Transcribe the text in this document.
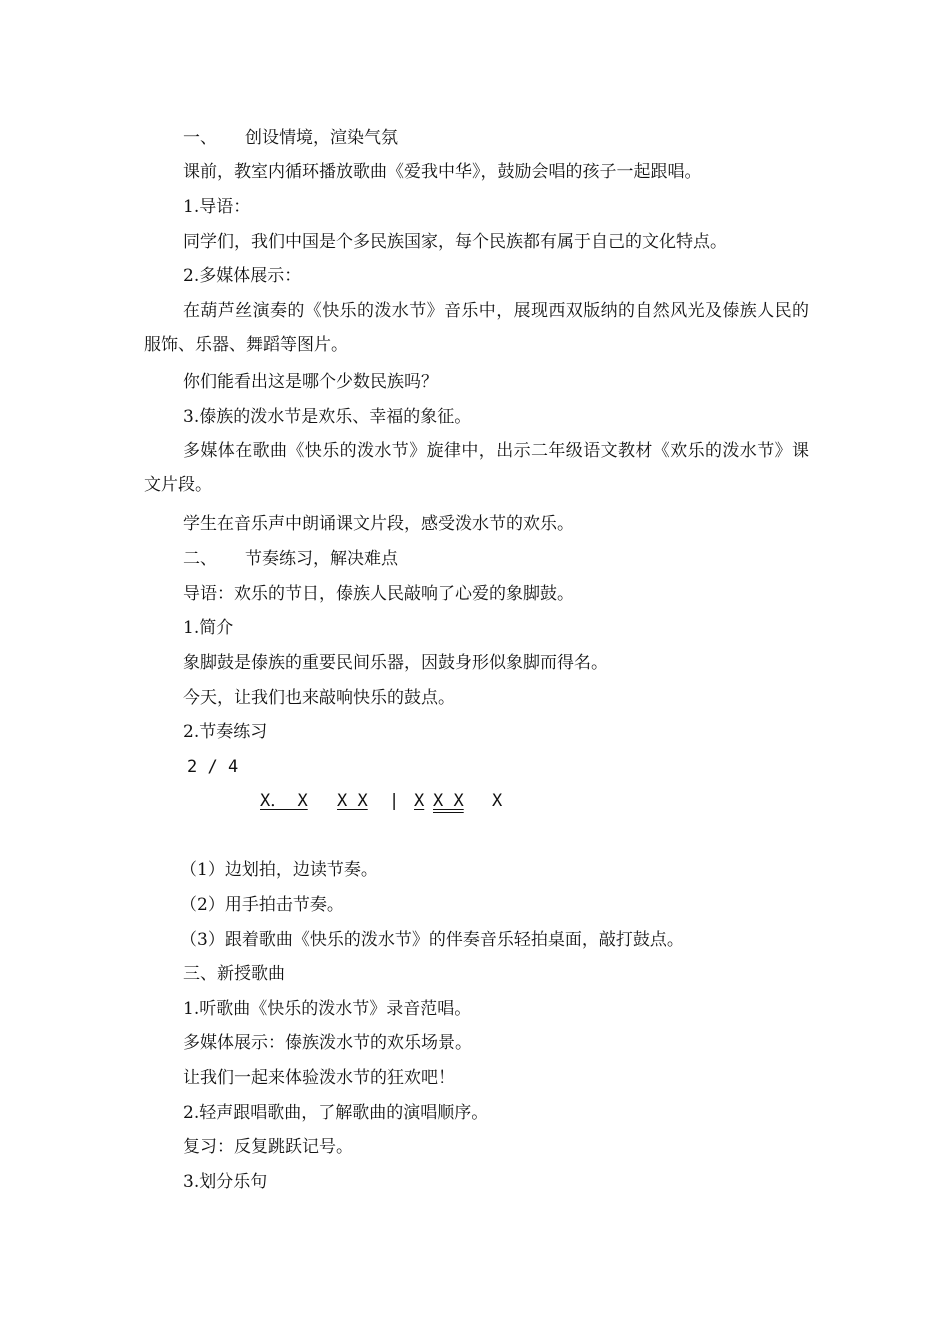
一、 创设情境，渲染气氛
课前，教室内循环播放歌曲《爱我中华》，鼓励会唱的孩子一起跟唱。
1.导语：
同学们，我们中国是个多民族国家，每个民族都有属于自己的文化特点。
2.多媒体展示：

在葫芦丝演奏的《快乐的泼水节》音乐中，展现西双版纳的自然风光及傣族人民的服饰、乐器、舞蹈等图片。

你们能看出这是哪个少数民族吗？
3.傣族的泼水节是欢乐、幸福的象征。

多媒体在歌曲《快乐的泼水节》旋律中，出示二年级语文教材《欢乐的泼水节》课文片段。

学生在音乐声中朗诵课文片段，感受泼水节的欢乐。
二、 节奏练习，解决难点
导语：欢乐的节日，傣族人民敲响了心爱的象脚鼓。
1.简介
象脚鼓是傣族的重要民间乐器，因鼓身形似象脚而得名。
今天，让我们也来敲响快乐的鼓点。
2.节奏练习
2 / 4
X． X X X | X X X X
（1）边划拍，边读节奏。
（2）用手拍击节奏。
（3）跟着歌曲《快乐的泼水节》的伴奏音乐轻拍桌面，敲打鼓点。
三、新授歌曲
1.听歌曲《快乐的泼水节》录音范唱。
多媒体展示：傣族泼水节的欢乐场景。
让我们一起来体验泼水节的狂欢吧！
2.轻声跟唱歌曲，了解歌曲的演唱顺序。
复习：反复跳跃记号。
3.划分乐句
